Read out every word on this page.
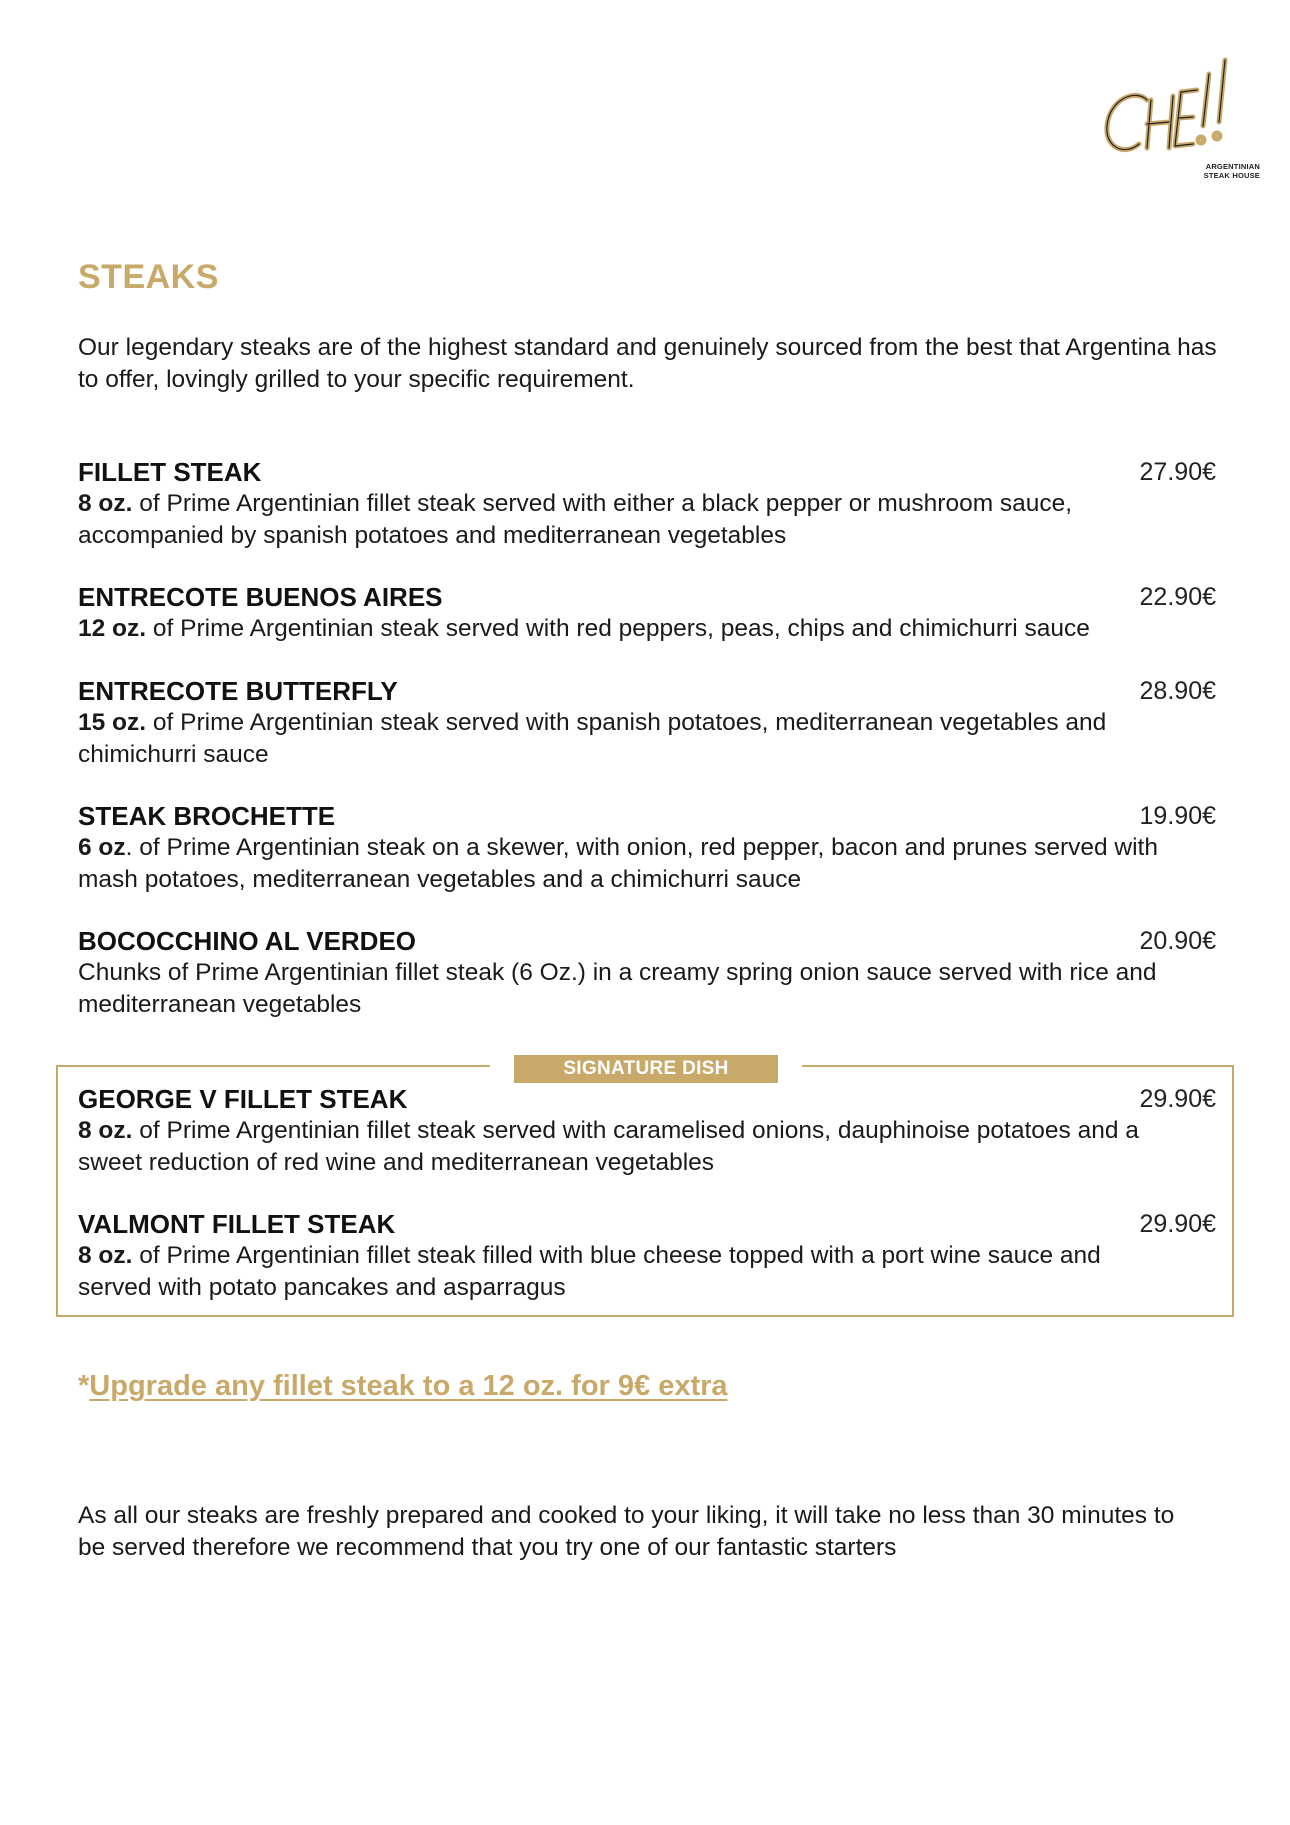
ARGENTINIAN
STEAK HOUSE
STEAKS

Our legendary steaks are of the highest standard and genuinely sourced from the best that Argentina has to offer, lovingly grilled to your specific requirement.

FILLET STEAK	27.90€
8 oz. of Prime Argentinian fillet steak served with either a black pepper or mushroom sauce, accompanied by spanish potatoes and mediterranean vegetables
ENTRECOTE BUENOS AIRES	22.90€
12 oz. of Prime Argentinian steak served with red peppers, peas, chips and chimichurri sauce
ENTRECOTE BUTTERFLY	28.90€
15 oz. of Prime Argentinian steak served with spanish potatoes, mediterranean vegetables and chimichurri sauce
STEAK BROCHETTE	19.90€
6 oz. of Prime Argentinian steak on a skewer, with onion, red pepper, bacon and prunes served with mash potatoes, mediterranean vegetables and a chimichurri sauce
BOCOCCHINO AL VERDEO	20.90€
Chunks of Prime Argentinian fillet steak (6 Oz.) in a creamy spring onion sauce served with rice and mediterranean vegetables
SIGNATURE DISH
GEORGE V FILLET STEAK	29.90€
8 oz. of Prime Argentinian fillet steak served with caramelised onions, dauphinoise potatoes and a sweet reduction of red wine and mediterranean vegetables
VALMONT FILLET STEAK	29.90€
8 oz. of Prime Argentinian fillet steak filled with blue cheese topped with a port wine sauce and served with potato pancakes and asparragus
*Upgrade any fillet steak to a 12 oz. for 9€ extra

As all our steaks are freshly prepared and cooked to your liking, it will take no less than 30 minutes to be served therefore we recommend that you try one of our fantastic starters
